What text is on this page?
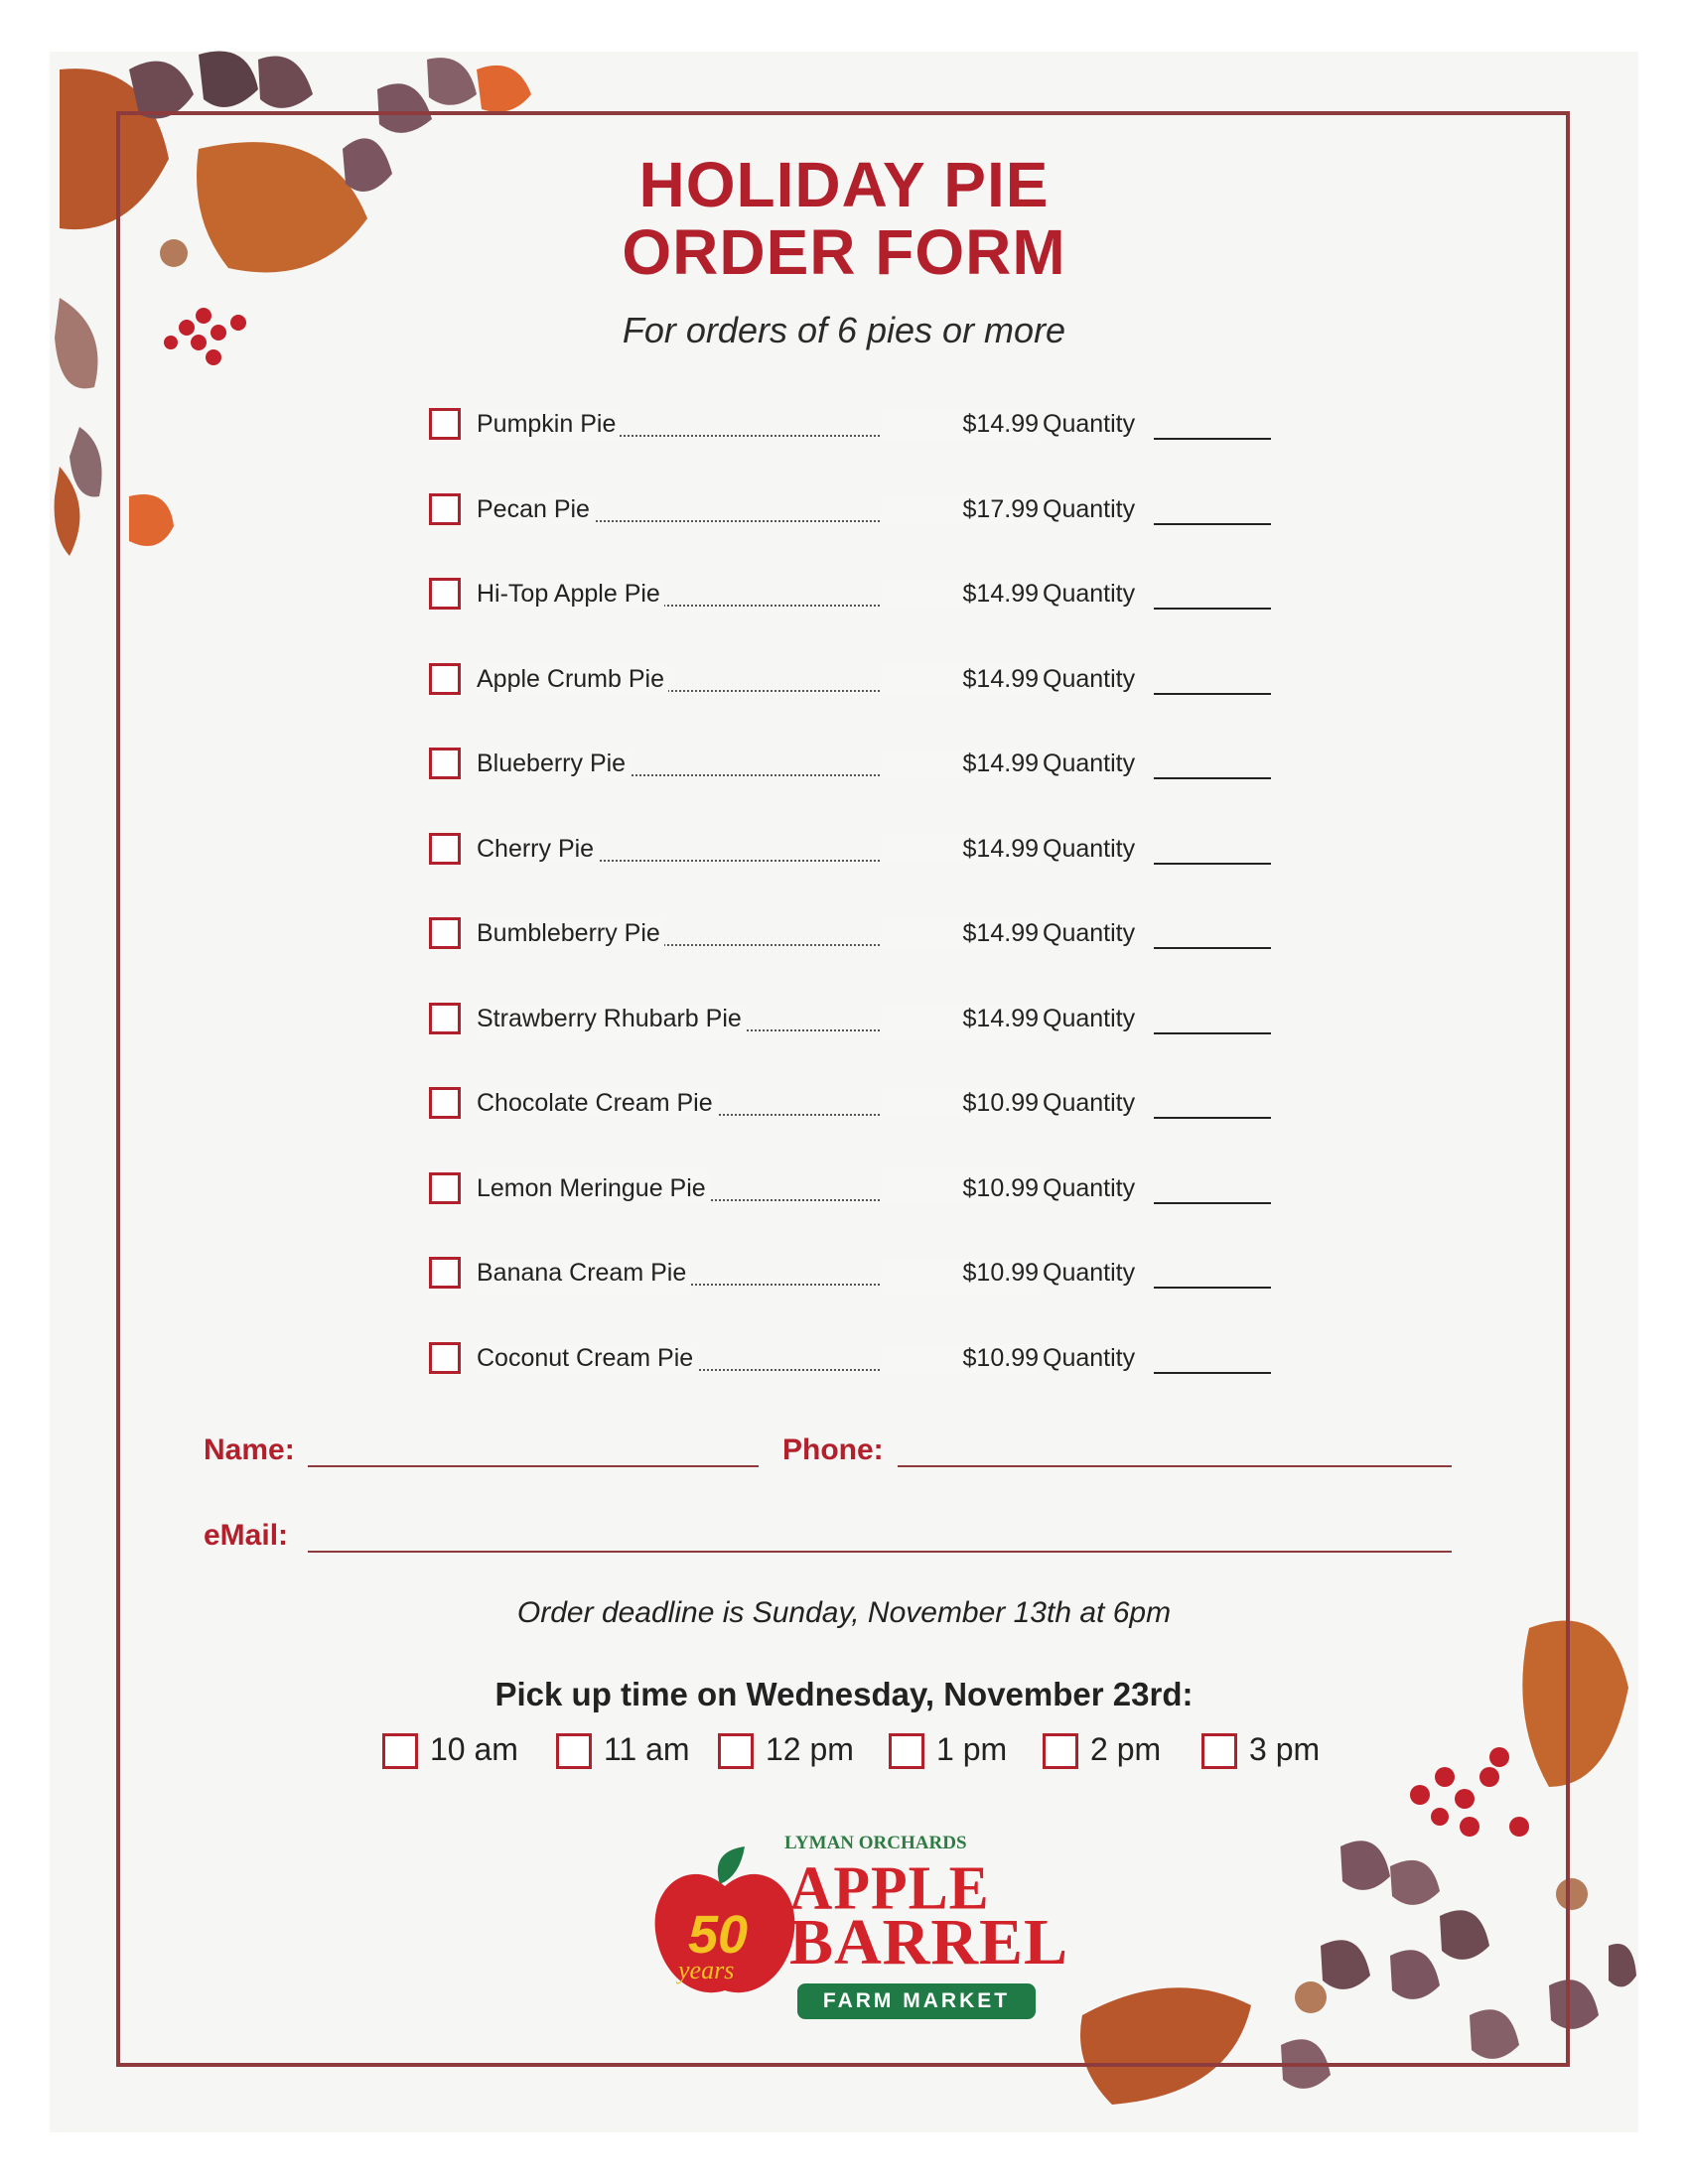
HOLIDAY PIE
ORDER FORM
For orders of 6 pies or more
Pumpkin Pie	$14.99 Quantity
Pecan Pie	$17.99 Quantity
Hi-Top Apple Pie	$14.99 Quantity
Apple Crumb Pie	$14.99 Quantity
Blueberry Pie	$14.99 Quantity
Cherry Pie	$14.99 Quantity
Bumbleberry Pie	$14.99 Quantity
Strawberry Rhubarb Pie	$14.99 Quantity
Chocolate Cream Pie	$10.99 Quantity
Lemon Meringue Pie	$10.99 Quantity
Banana Cream Pie	$10.99 Quantity
Coconut Cream Pie	$10.99 Quantity
Name:	Phone:
eMail:
Order deadline is Sunday, November 13th at 6pm
Pick up time on Wednesday, November 23rd:
10 am	11 am 12 pm	1 pm	2 pm	3 pm
LYMAN ORCHARDS
APPLE
BARREL
FARM MARKET
50
years
